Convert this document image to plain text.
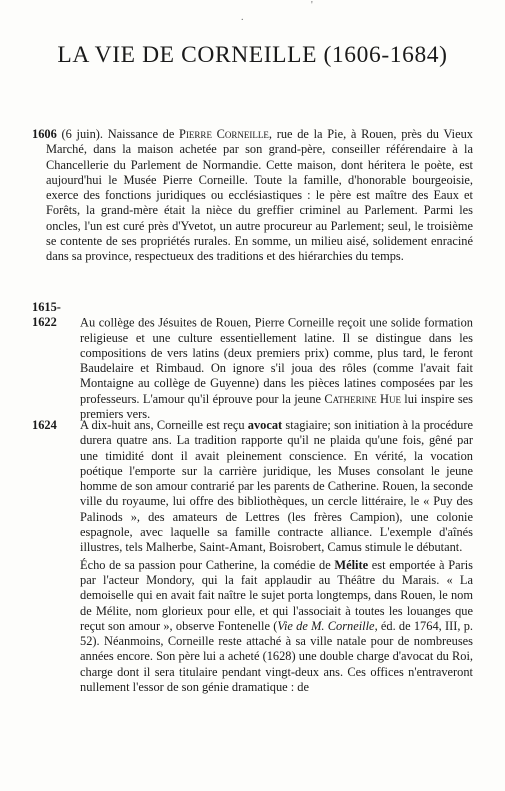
.
'
LA VIE DE CORNEILLE (1606-1684)

1606 (6 juin). Naissance de Pierre Corneille, rue de la Pie, à Rouen, près du Vieux Marché, dans la maison achetée par son grand-père, conseiller référendaire à la Chancellerie du Parlement de Normandie. Cette maison, dont héritera le poète, est aujourd'hui le Musée Pierre Corneille. Toute la famille, d'honorable bourgeoisie, exerce des fonctions juridiques ou ecclésiastiques : le père est maître des Eaux et Forêts, la grand-mère était la nièce du greffier criminel au Parlement. Parmi les oncles, l'un est curé près d'Yvetot, un autre procureur au Parlement; seul, le troisième se contente de ses propriétés rurales. En somme, un milieu aisé, solidement enraciné dans sa province, respectueux des traditions et des hiérarchies du temps.

1615-1622 Au collège des Jésuites de Rouen, Pierre Corneille reçoit une solide formation religieuse et une culture essentiellement latine. Il se distingue dans les compositions de vers latins (deux premiers prix) comme, plus tard, le feront Baudelaire et Rimbaud. On ignore s'il joua des rôles (comme l'avait fait Montaigne au collège de Guyenne) dans les pièces latines composées par les professeurs. L'amour qu'il éprouve pour la jeune Catherine Hue lui inspire ses premiers vers.

1624 A dix-huit ans, Corneille est reçu avocat stagiaire; son initiation à la procédure durera quatre ans. La tradition rapporte qu'il ne plaida qu'une fois, gêné par une timidité dont il avait pleinement conscience. En vérité, la vocation poétique l'emporte sur la carrière juridique, les Muses consolant le jeune homme de son amour contrarié par les parents de Catherine. Rouen, la seconde ville du royaume, lui offre des bibliothèques, un cercle littéraire, le « Puy des Palinods », des amateurs de Lettres (les frères Campion), une colonie espagnole, avec laquelle sa famille contracte alliance. L'exemple d'aînés illustres, tels Malherbe, Saint-Amant, Boisrobert, Camus stimule le débutant.

Écho de sa passion pour Catherine, la comédie de Mélite est emportée à Paris par l'acteur Mondory, qui la fait applaudir au Théâtre du Marais. « La demoiselle qui en avait fait naître le sujet porta longtemps, dans Rouen, le nom de Mélite, nom glorieux pour elle, et qui l'associait à toutes les louanges que reçut son amour », observe Fontenelle (Vie de M. Corneille, éd. de 1764, III, p. 52). Néanmoins, Corneille reste attaché à sa ville natale pour de nombreuses années encore. Son père lui a acheté (1628) une double charge d'avocat du Roi, charge dont il sera titulaire pendant vingt-deux ans. Ces offices n'entraveront nullement l'essor de son génie dramatique : de
